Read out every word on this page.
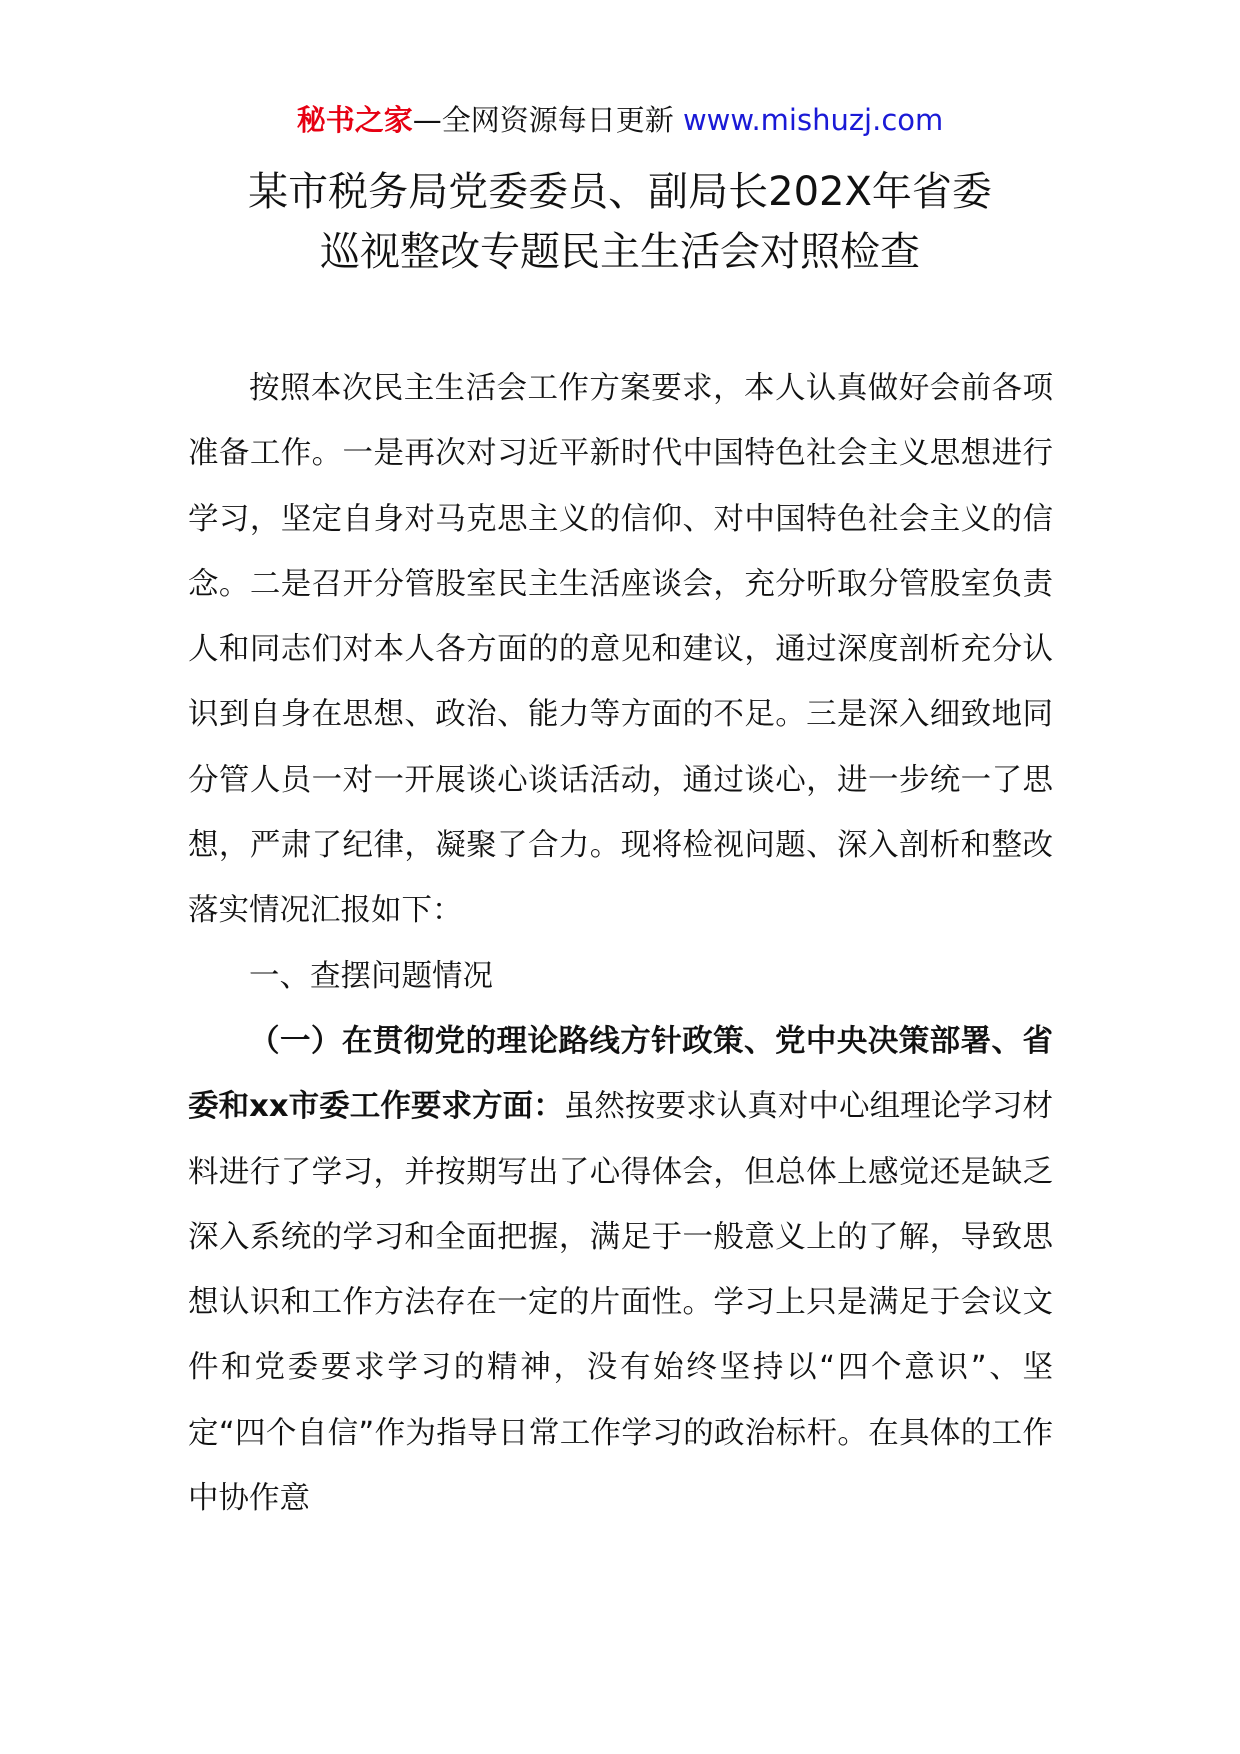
秘书之家—全网资源每日更新 www.mishuzj.com
某市税务局党委委员、副局长202X年省委
巡视整改专题民主生活会对照检查

按照本次民主生活会工作方案要求，本人认真做好会前各项准备工作。一是再次对习近平新时代中国特色社会主义思想进行学习，坚定自身对马克思主义的信仰、对中国特色社会主义的信念。二是召开分管股室民主生活座谈会，充分听取分管股室负责人和同志们对本人各方面的的意见和建议，通过深度剖析充分认识到自身在思想、政治、能力等方面的不足。三是深入细致地同分管人员一对一开展谈心谈话活动，通过谈心，进一步统一了思想，严肃了纪律，凝聚了合力。现将检视问题、深入剖析和整改落实情况汇报如下：

一、查摆问题情况

（一）在贯彻党的理论路线方针政策、党中央决策部署、省委和xx市委工作要求方面：虽然按要求认真对中心组理论学习材料进行了学习，并按期写出了心得体会，但总体上感觉还是缺乏深入系统的学习和全面把握，满足于一般意义上的了解，导致思想认识和工作方法存在一定的片面性。学习上只是满足于会议文件和党委要求学习的精神，没有始终坚持以“四个意识”、坚定“四个自信”作为指导日常工作学习的政治标杆。在具体的工作中协作意
